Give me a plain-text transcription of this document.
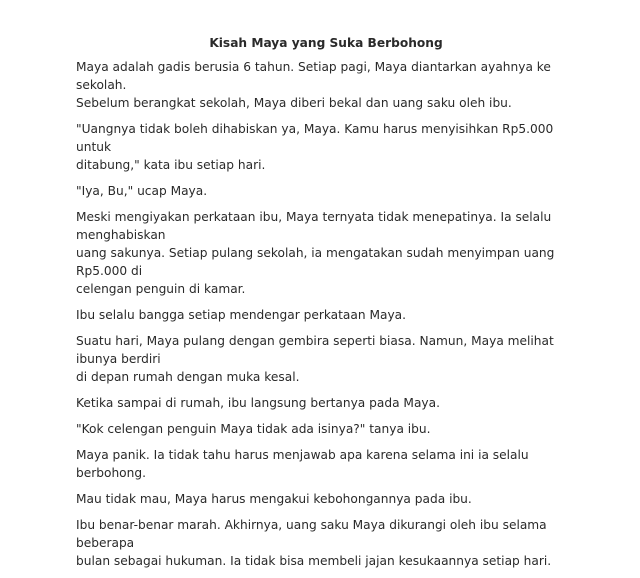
Kisah Maya yang Suka Berbohong

Maya adalah gadis berusia 6 tahun. Setiap pagi, Maya diantarkan ayahnya ke sekolah.
Sebelum berangkat sekolah, Maya diberi bekal dan uang saku oleh ibu.

"Uangnya tidak boleh dihabiskan ya, Maya. Kamu harus menyisihkan Rp5.000 untuk
ditabung," kata ibu setiap hari.

"Iya, Bu," ucap Maya.

Meski mengiyakan perkataan ibu, Maya ternyata tidak menepatinya. Ia selalu menghabiskan
uang sakunya. Setiap pulang sekolah, ia mengatakan sudah menyimpan uang Rp5.000 di
celengan penguin di kamar.

Ibu selalu bangga setiap mendengar perkataan Maya.

Suatu hari, Maya pulang dengan gembira seperti biasa. Namun, Maya melihat ibunya berdiri
di depan rumah dengan muka kesal.

Ketika sampai di rumah, ibu langsung bertanya pada Maya.

"Kok celengan penguin Maya tidak ada isinya?" tanya ibu.

Maya panik. Ia tidak tahu harus menjawab apa karena selama ini ia selalu berbohong.

Mau tidak mau, Maya harus mengakui kebohongannya pada ibu.

Ibu benar-benar marah. Akhirnya, uang saku Maya dikurangi oleh ibu selama beberapa
bulan sebagai hukuman. Ia tidak bisa membeli jajan kesukaannya setiap hari.
